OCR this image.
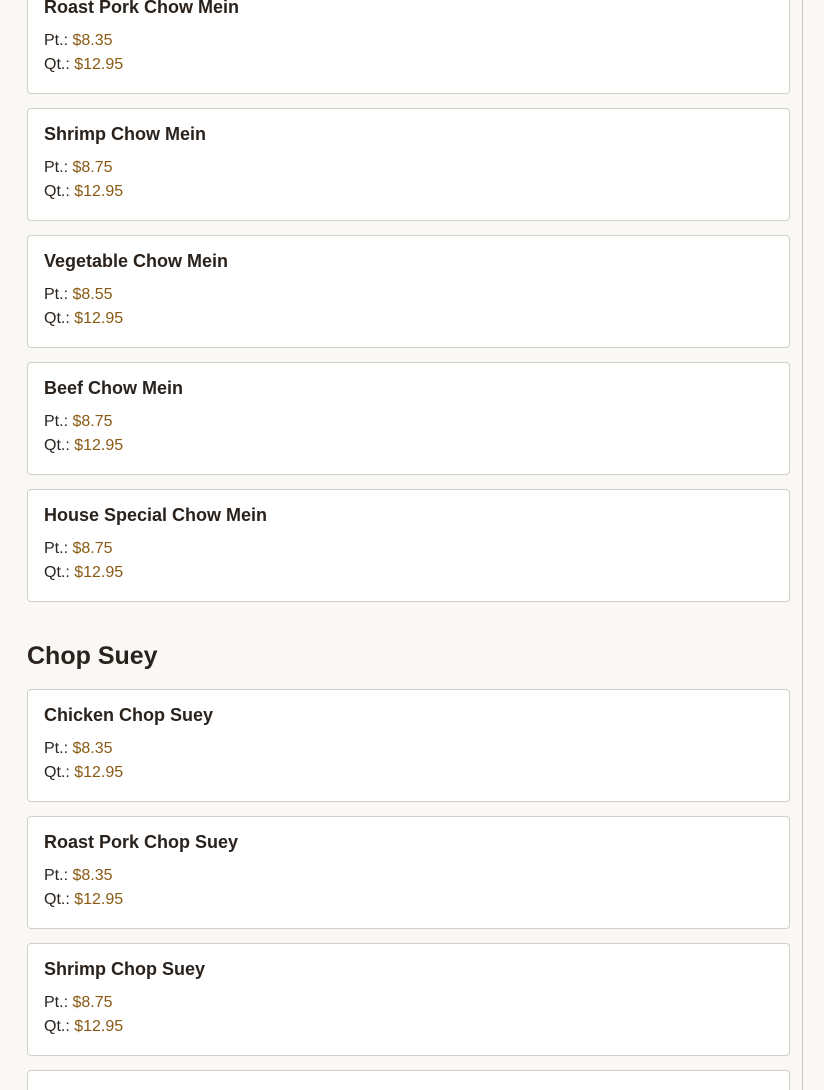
Roast Pork Chow Mein
Pt.: $8.35
Qt.: $12.95
Shrimp Chow Mein
Pt.: $8.75
Qt.: $12.95
Vegetable Chow Mein
Pt.: $8.55
Qt.: $12.95
Beef Chow Mein
Pt.: $8.75
Qt.: $12.95
House Special Chow Mein
Pt.: $8.75
Qt.: $12.95
Chop Suey
Chicken Chop Suey
Pt.: $8.35
Qt.: $12.95
Roast Pork Chop Suey
Pt.: $8.35
Qt.: $12.95
Shrimp Chop Suey
Pt.: $8.75
Qt.: $12.95
